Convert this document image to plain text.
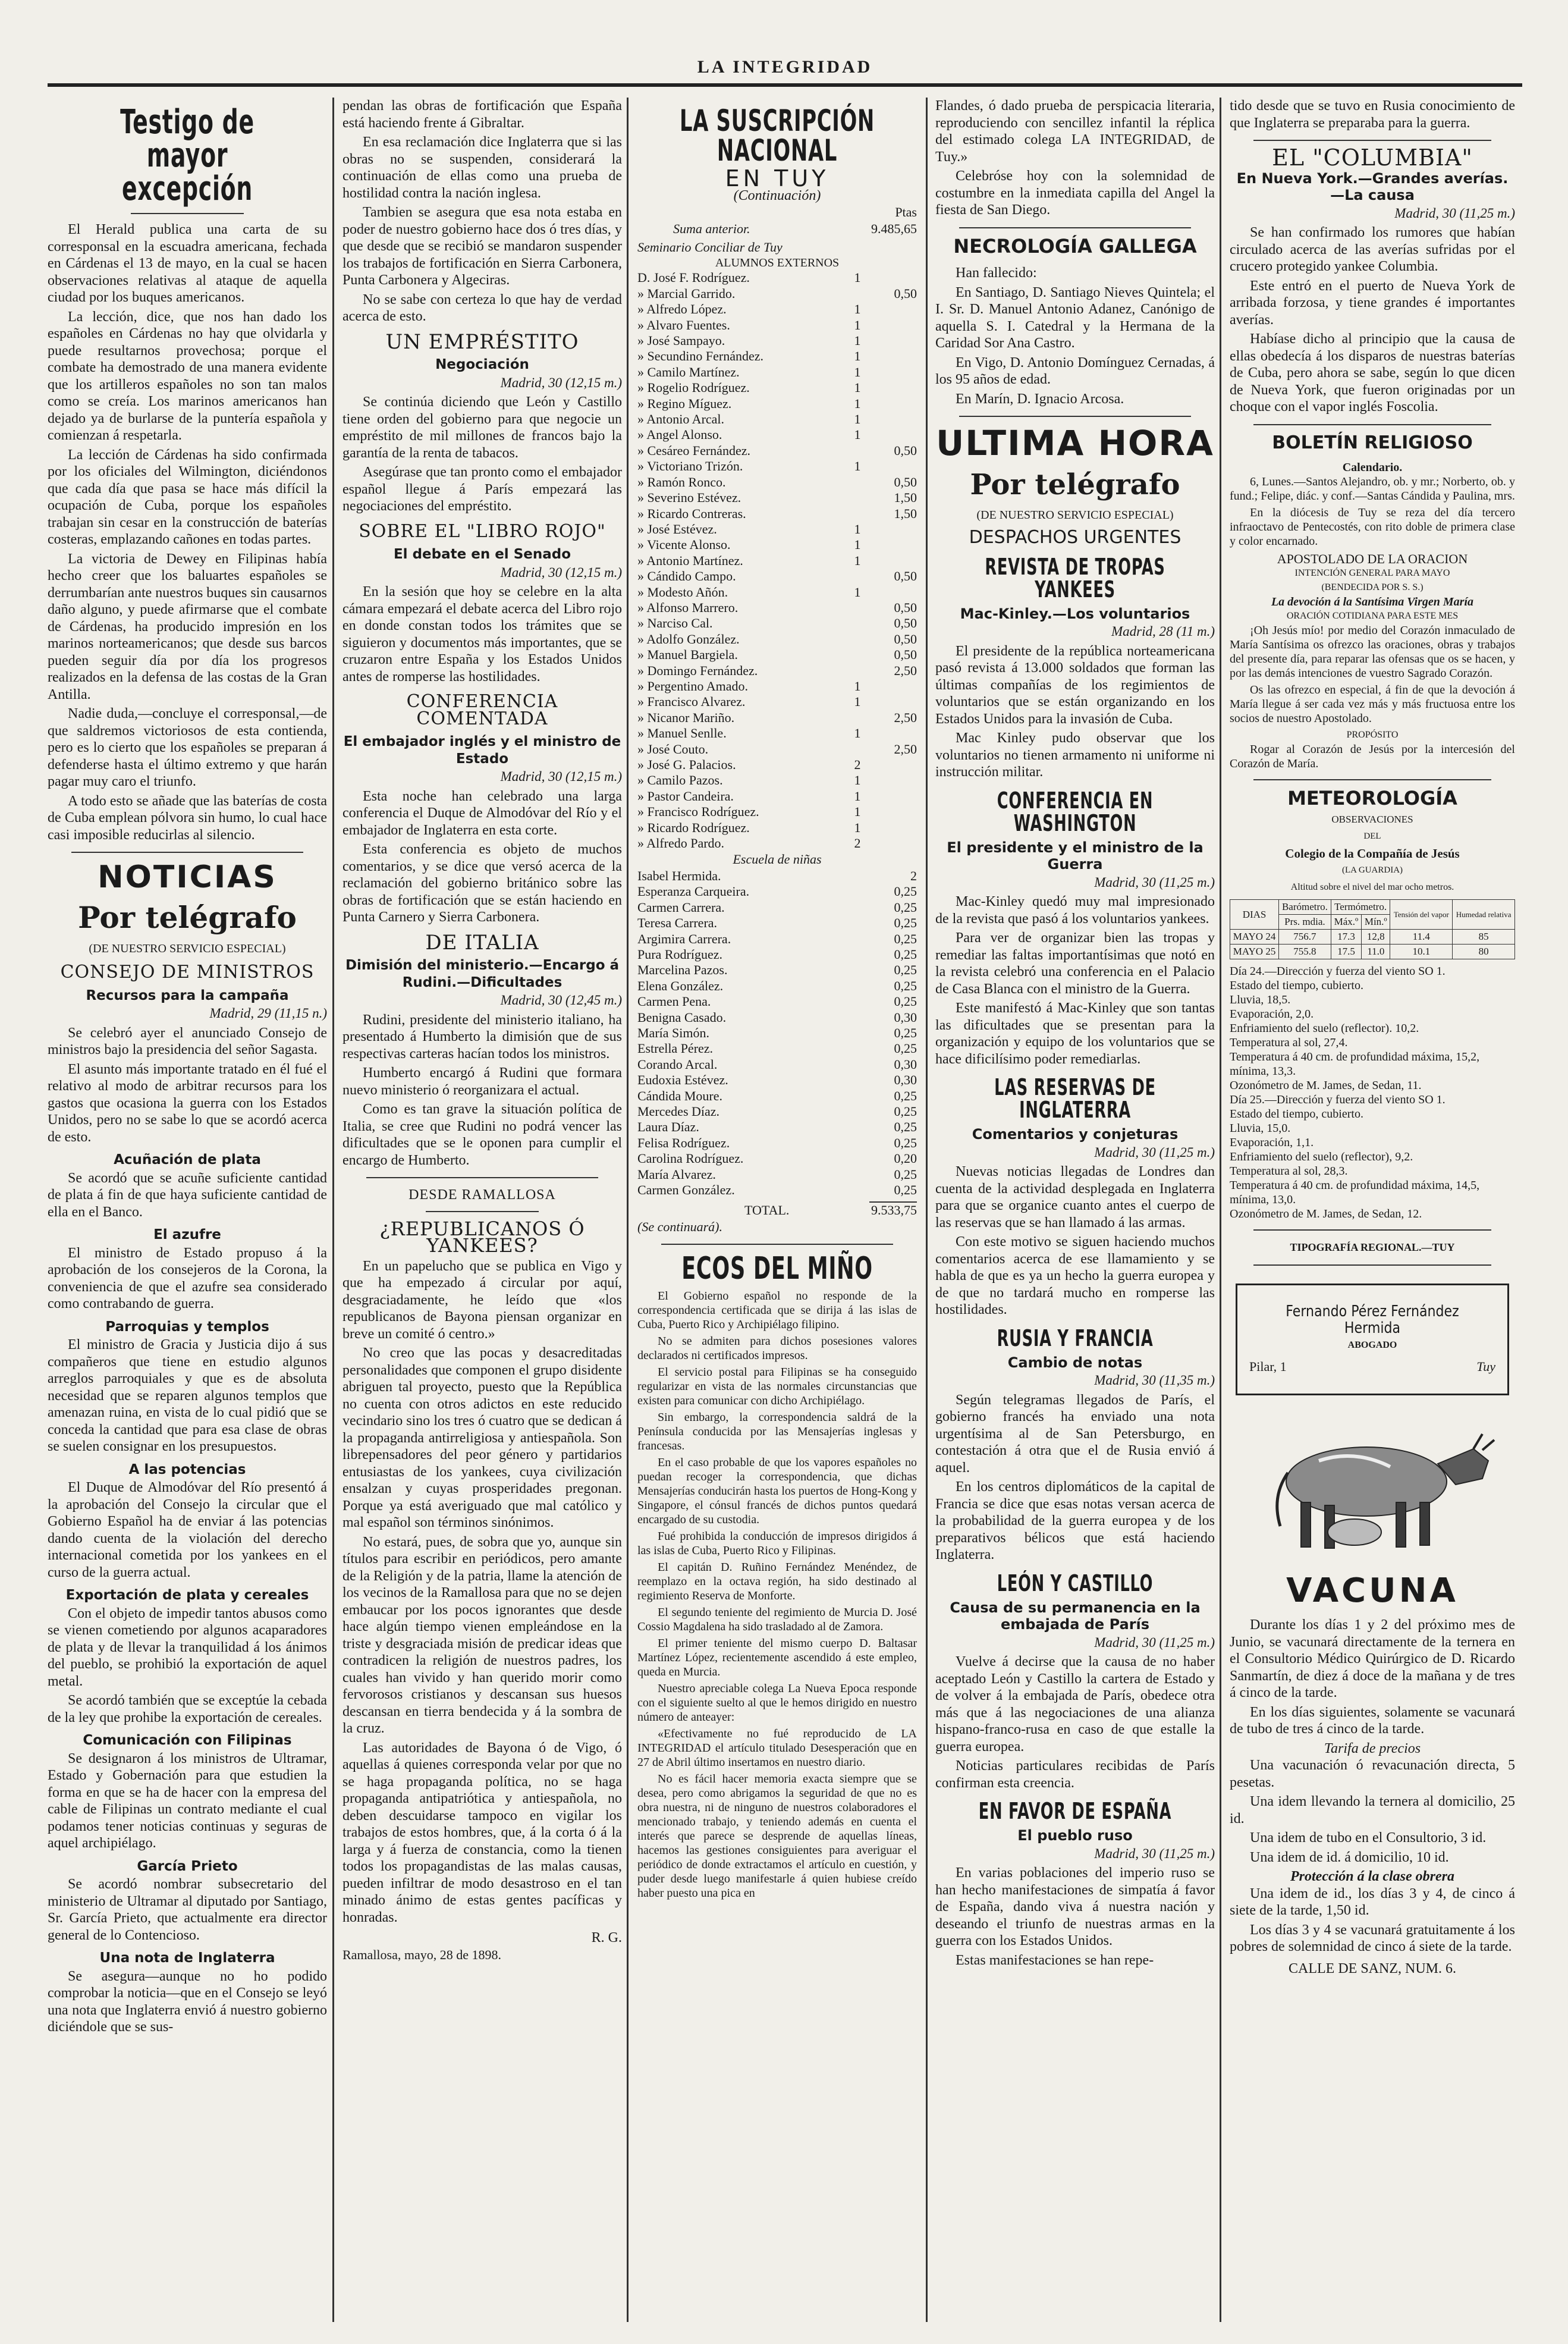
LA INTEGRIDAD
Testigo de mayor excepción

El Herald publica una carta de su corresponsal en la escuadra americana, fechada en Cárdenas el 13 de mayo, en la cual se hacen observaciones relativas al ataque de aquella ciudad por los buques americanos.

La lección, dice, que nos han dado los españoles en Cárdenas no hay que olvidarla y puede resultarnos provechosa; porque el combate ha demostrado de una manera evidente que los artilleros españoles no son tan malos como se creía. Los marinos americanos han dejado ya de burlarse de la puntería española y comienzan á respetarla.

La lección de Cárdenas ha sido confirmada por los oficiales del Wilmington, diciéndonos que cada día que pasa se hace más difícil la ocupación de Cuba, porque los españoles trabajan sin cesar en la construcción de baterías costeras, emplazando cañones en todas partes.

La victoria de Dewey en Filipinas había hecho creer que los baluartes españoles se derrumbarían ante nuestros buques sin causarnos daño alguno, y puede afirmarse que el combate de Cárdenas, ha producido impresión en los marinos norteamericanos; que desde sus barcos pueden seguir día por día los progresos realizados en la defensa de las costas de la Gran Antilla.

Nadie duda,—concluye el corresponsal,—de que saldremos victoriosos de esta contienda, pero es lo cierto que los españoles se preparan á defenderse hasta el último extremo y que harán pagar muy caro el triunfo.

A todo esto se añade que las baterías de costa de Cuba emplean pólvora sin humo, lo cual hace casi imposible reducirlas al silencio.

NOTICIAS
Por telégrafo
(DE NUESTRO SERVICIO ESPECIAL)
CONSEJO DE MINISTROS
Recursos para la campaña
Madrid, 29 (11,15 n.)

Se celebró ayer el anunciado Consejo de ministros bajo la presidencia del señor Sagasta.

El asunto más importante tratado en él fué el relativo al modo de arbitrar recursos para los gastos que ocasiona la guerra con los Estados Unidos, pero no se sabe lo que se acordó acerca de esto.

Acuñación de plata

Se acordó que se acuñe suficiente cantidad de plata á fin de que haya suficiente cantidad de ella en el Banco.

El azufre

El ministro de Estado propuso á la aprobación de los consejeros de la Corona, la conveniencia de que el azufre sea considerado como contrabando de guerra.

Parroquias y templos

El ministro de Gracia y Justicia dijo á sus compañeros que tiene en estudio algunos arreglos parroquiales y que es de absoluta necesidad que se reparen algunos templos que amenazan ruina, en vista de lo cual pidió que se conceda la cantidad que para esa clase de obras se suelen consignar en los presupuestos.

A las potencias

El Duque de Almodóvar del Río presentó á la aprobación del Consejo la circular que el Gobierno Español ha de enviar á las potencias dando cuenta de la violación del derecho internacional cometida por los yankees en el curso de la guerra actual.

Exportación de plata y cereales

Con el objeto de impedir tantos abusos como se vienen cometiendo por algunos acaparadores de plata y de llevar la tranquilidad á los ánimos del pueblo, se prohibió la exportación de aquel metal.

Se acordó también que se exceptúe la cebada de la ley que prohibe la exportación de cereales.

Comunicación con Filipinas

Se designaron á los ministros de Ultramar, Estado y Gobernación para que estudien la forma en que se ha de hacer con la empresa del cable de Filipinas un contrato mediante el cual podamos tener noticias continuas y seguras de aquel archipiélago.

García Prieto

Se acordó nombrar subsecretario del ministerio de Ultramar al diputado por Santiago, Sr. García Prieto, que actualmente era director general de lo Contencioso.

Una nota de Inglaterra

Se asegura—aunque no ho podido comprobar la noticia—que en el Consejo se leyó una nota que Inglaterra envió á nuestro gobierno diciéndole que se sus-

pendan las obras de fortificación que España está haciendo frente á Gibraltar.

En esa reclamación dice Inglaterra que si las obras no se suspenden, considerará la continuación de ellas como una prueba de hostilidad contra la nación inglesa.

Tambien se asegura que esa nota estaba en poder de nuestro gobierno hace dos ó tres días, y que desde que se recibió se mandaron suspender los trabajos de fortificación en Sierra Carbonera, Punta Carbonera y Algeciras.

No se sabe con certeza lo que hay de verdad acerca de esto.

UN EMPRÉSTITO
Negociación
Madrid, 30 (12,15 m.)

Se continúa diciendo que León y Castillo tiene orden del gobierno para que negocie un empréstito de mil millones de francos bajo la garantía de la renta de tabacos.

Asegúrase que tan pronto como el embajador español llegue á París empezará las negociaciones del empréstito.

SOBRE EL "LIBRO ROJO"
El debate en el Senado
Madrid, 30 (12,15 m.)

En la sesión que hoy se celebre en la alta cámara empezará el debate acerca del Libro rojo en donde constan todos los trámites que se siguieron y documentos más importantes, que se cruzaron entre España y los Estados Unidos antes de romperse las hostilidades.

CONFERENCIA COMENTADA
El embajador inglés y el ministro de Estado
Madrid, 30 (12,15 m.)

Esta noche han celebrado una larga conferencia el Duque de Almodóvar del Río y el embajador de Inglaterra en esta corte.

Esta conferencia es objeto de muchos comentarios, y se dice que versó acerca de la reclamación del gobierno británico sobre las obras de fortificación que se están haciendo en Punta Carnero y Sierra Carbonera.

DE ITALIA
Dimisión del ministerio.—Encargo á Rudini.—Dificultades
Madrid, 30 (12,45 m.)

Rudini, presidente del ministerio italiano, ha presentado á Humberto la dimisión que de sus respectivas carteras hacían todos los ministros.

Humberto encargó á Rudini que formara nuevo ministerio ó reorganizara el actual.

Como es tan grave la situación política de Italia, se cree que Rudini no podrá vencer las dificultades que se le oponen para cumplir el encargo de Humberto.

DESDE RAMALLOSA
¿REPUBLICANOS Ó YANKEES?

En un papelucho que se publica en Vigo y que ha empezado á circular por aquí, desgraciadamente, he leído que «los republicanos de Bayona piensan organizar en breve un comité ó centro.»

No creo que las pocas y desacreditadas personalidades que componen el grupo disidente abriguen tal proyecto, puesto que la República no cuenta con otros adictos en este reducido vecindario sino los tres ó cuatro que se dedican á la propaganda antirreligiosa y antiespañola. Son librepensadores del peor género y partidarios entusiastas de los yankees, cuya civilización ensalzan y cuyas prosperidades pregonan. Porque ya está averiguado que mal católico y mal español son términos sinónimos.

No estará, pues, de sobra que yo, aunque sin títulos para escribir en periódicos, pero amante de la Religión y de la patria, llame la atención de los vecinos de la Ramallosa para que no se dejen embaucar por los pocos ignorantes que desde hace algún tiempo vienen empleándose en la triste y desgraciada misión de predicar ideas que contradicen la religión de nuestros padres, los cuales han vivido y han querido morir como fervorosos cristianos y descansan sus huesos descansan en tierra bendecida y á la sombra de la cruz.

Las autoridades de Bayona ó de Vigo, ó aquellas á quienes corresponda velar por que no se haga propaganda política, no se haga propaganda antipatriótica y antiespañola, no deben descuidarse tampoco en vigilar los trabajos de estos hombres, que, á la corta ó á la larga y á fuerza de constancia, como la tienen todos los propagandistas de las malas causas, pueden infiltrar de modo desastroso en el tan minado ánimo de estas gentes pacíficas y honradas.

R. G.
Ramallosa, mayo, 28 de 1898.
LA SUSCRIPCIÓN NACIONAL
EN TUY
(Continuación)
Ptas
Suma anterior.		9.485,65
Seminario Conciliar de Tuy
ALUMNOS EXTERNOS
D. José F. Rodríguez.	1	
» Marcial Garrido.		0,50
» Alfredo López.	1	
» Alvaro Fuentes.	1	
» José Sampayo.	1	
» Secundino Fernández.	1	
» Camilo Martínez.	1	
» Rogelio Rodríguez.	1	
» Regino Míguez.	1	
» Antonio Arcal.	1	
» Angel Alonso.	1	
» Cesáreo Fernández.		0,50
» Victoriano Trizón.	1	
» Ramón Ronco.		0,50
» Severino Estévez.		1,50
» Ricardo Contreras.		1,50
» José Estévez.	1	
» Vicente Alonso.	1	
» Antonio Martínez.	1	
» Cándido Campo.		0,50
» Modesto Añón.	1	
» Alfonso Marrero.		0,50
» Narciso Cal.		0,50
» Adolfo González.		0,50
» Manuel Bargiela.		0,50
» Domingo Fernández.		2,50
» Pergentino Amado.	1	
» Francisco Alvarez.	1	
» Nicanor Mariño.		2,50
» Manuel Senlle.	1	
» José Couto.		2,50
» José G. Palacios.	2	
» Camilo Pazos.	1	
» Pastor Candeira.	1	
» Francisco Rodríguez.	1	
» Ricardo Rodríguez.	1	
» Alfredo Pardo.	2	
Escuela de niñas
Isabel Hermida.	2
Esperanza Carqueira.	0,25
Carmen Carrera.	0,25
Teresa Carrera.	0,25
Argimira Carrera.	0,25
Pura Rodríguez.	0,25
Marcelina Pazos.	0,25
Elena González.	0,25
Carmen Pena.	0,25
Benigna Casado.	0,30
María Simón.	0,25
Estrella Pérez.	0,25
Corando Arcal.	0,30
Eudoxia Estévez.	0,30
Cándida Moure.	0,25
Mercedes Díaz.	0,25
Laura Díaz.	0,25
Felisa Rodríguez.	0,25
Carolina Rodríguez.	0,20
María Alvarez.	0,25
Carmen González.	0,25
TOTAL.	9.533,75
(Se continuará).
ECOS DEL MIÑO

El Gobierno español no responde de la correspondencia certificada que se dirija á las islas de Cuba, Puerto Rico y Archipiélago filipino.

No se admiten para dichos posesiones valores declarados ni certificados impresos.

El servicio postal para Filipinas se ha conseguido regularizar en vista de las normales circunstancias que existen para comunicar con dicho Archipiélago.

Sin embargo, la correspondencia saldrá de la Península conducida por las Mensajerías inglesas y francesas.

En el caso probable de que los vapores españoles no puedan recoger la correspondencia, que dichas Mensajerías conducirán hasta los puertos de Hong-Kong y Singapore, el cónsul francés de dichos puntos quedará encargado de su custodia.

Fué prohibida la conducción de impresos dirigidos á las islas de Cuba, Puerto Rico y Filipinas.

El capitán D. Ruñino Fernández Menéndez, de reemplazo en la octava región, ha sido destinado al regimiento Reserva de Monforte.

El segundo teniente del regimiento de Murcia D. José Cossio Magdalena ha sido trasladado al de Zamora.

El primer teniente del mismo cuerpo D. Baltasar Martínez López, recientemente ascendido á este empleo, queda en Murcia.

Nuestro apreciable colega La Nueva Epoca responde con el siguiente suelto al que le hemos dirigido en nuestro número de anteayer:

«Efectivamente no fué reproducido de LA INTEGRIDAD el artículo titulado Desesperación que en 27 de Abril último insertamos en nuestro diario.

No es fácil hacer memoria exacta siempre que se desea, pero como abrigamos la seguridad de que no es obra nuestra, ni de ninguno de nuestros colaboradores el mencionado trabajo, y teniendo además en cuenta el interés que parece se desprende de aquellas líneas, hacemos las gestiones consiguientes para averiguar el periódico de donde extractamos el artículo en cuestión, y puder desde luego manifestarle á quien hubiese creído haber puesto una pica en

Flandes, ó dado prueba de perspicacia literaria, reproduciendo con sencillez infantil la réplica del estimado colega LA INTEGRIDAD, de Tuy.»

Celebróse hoy con la solemnidad de costumbre en la inmediata capilla del Angel la fiesta de San Diego.

NECROLOGÍA GALLEGA

Han fallecido:

En Santiago, D. Santiago Nieves Quintela; el I. Sr. D. Manuel Antonio Adanez, Canónigo de aquella S. I. Catedral y la Hermana de la Caridad Sor Ana Castro.

En Vigo, D. Antonio Domínguez Cernadas, á los 95 años de edad.

En Marín, D. Ignacio Arcosa.

ULTIMA HORA
Por telégrafo
(DE NUESTRO SERVICIO ESPECIAL)
DESPACHOS URGENTES
REVISTA DE TROPAS YANKEES
Mac-Kinley.—Los voluntarios
Madrid, 28 (11 m.)

El presidente de la república norteamericana pasó revista á 13.000 soldados que forman las últimas compañías de los regimientos de voluntarios que se están organizando en los Estados Unidos para la invasión de Cuba.

Mac Kinley pudo observar que los voluntarios no tienen armamento ni uniforme ni instrucción militar.

CONFERENCIA EN WASHINGTON
El presidente y el ministro de la Guerra
Madrid, 30 (11,25 m.)

Mac-Kinley quedó muy mal impresionado de la revista que pasó á los voluntarios yankees.

Para ver de organizar bien las tropas y remediar las faltas importantísimas que notó en la revista celebró una conferencia en el Palacio de Casa Blanca con el ministro de la Guerra.

Este manifestó á Mac-Kinley que son tantas las dificultades que se presentan para la organización y equipo de los voluntarios que se hace dificilísimo poder remediarlas.

LAS RESERVAS DE INGLATERRA
Comentarios y conjeturas
Madrid, 30 (11,25 m.)

Nuevas noticias llegadas de Londres dan cuenta de la actividad desplegada en Inglaterra para que se organice cuanto antes el cuerpo de las reservas que se han llamado á las armas.

Con este motivo se siguen haciendo muchos comentarios acerca de ese llamamiento y se habla de que es ya un hecho la guerra europea y de que no tardará mucho en romperse las hostilidades.

RUSIA Y FRANCIA
Cambio de notas
Madrid, 30 (11,35 m.)

Según telegramas llegados de París, el gobierno francés ha enviado una nota urgentísima al de San Petersburgo, en contestación á otra que el de Rusia envió á aquel.

En los centros diplomáticos de la capital de Francia se dice que esas notas versan acerca de la probabilidad de la guerra europea y de los preparativos bélicos que está haciendo Inglaterra.

LEÓN Y CASTILLO
Causa de su permanencia en la embajada de París
Madrid, 30 (11,25 m.)

Vuelve á decirse que la causa de no haber aceptado León y Castillo la cartera de Estado y de volver á la embajada de París, obedece otra más que á las negociaciones de una alianza hispano-franco-rusa en caso de que estalle la guerra europea.

Noticias particulares recibidas de París confirman esta creencia.

EN FAVOR DE ESPAÑA
El pueblo ruso
Madrid, 30 (11,25 m.)

En varias poblaciones del imperio ruso se han hecho manifestaciones de simpatía á favor de España, dando viva á nuestra nación y deseando el triunfo de nuestras armas en la guerra con los Estados Unidos.

Estas manifestaciones se han repe-

tido desde que se tuvo en Rusia conocimiento de que Inglaterra se preparaba para la guerra.

EL "COLUMBIA"
En Nueva York.—Grandes averías.—La causa
Madrid, 30 (11,25 m.)

Se han confirmado los rumores que habían circulado acerca de las averías sufridas por el crucero protegido yankee Columbia.

Este entró en el puerto de Nueva York de arribada forzosa, y tiene grandes é importantes averías.

Habíase dicho al principio que la causa de ellas obedecía á los disparos de nuestras baterías de Cuba, pero ahora se sabe, según lo que dicen de Nueva York, que fueron originadas por un choque con el vapor inglés Foscolia.

BOLETÍN RELIGIOSO
Calendario.

6, Lunes.—Santos Alejandro, ob. y mr.; Norberto, ob. y fund.; Felipe, diác. y conf.—Santas Cándida y Paulina, mrs.

En la diócesis de Tuy se reza del día tercero infraoctavo de Pentecostés, con rito doble de primera clase y color encarnado.

APOSTOLADO DE LA ORACION
INTENCIÓN GENERAL PARA MAYO
(BENDECIDA POR S. S.)
La devoción á la Santísima Virgen María
ORACIÓN COTIDIANA PARA ESTE MES

¡Oh Jesús mío! por medio del Corazón inmaculado de María Santísima os ofrezco las oraciones, obras y trabajos del presente día, para reparar las ofensas que os se hacen, y por las demás intenciones de vuestro Sagrado Corazón.

Os las ofrezco en especial, á fin de que la devoción á María llegue á ser cada vez más y más fructuosa entre los socios de nuestro Apostolado.

PROPÓSITO

Rogar al Corazón de Jesús por la intercesión del Corazón de María.

METEOROLOGÍA
OBSERVACIONES
DEL
Colegio de la Compañía de Jesús
(LA GUARDIA)
Altitud sobre el nivel del mar ocho metros.
DIAS	Barómetro.	Termómetro.		Tensión del vapor	Humedad relativa
	Prs. mdia.	Máx.º	Mín.º		
MAYO 24	756.7	17.3	12,8	11.4	85
MAYO 25	755.8	17.5	11.0	10.1	80
Día 24.—Dirección y fuerza del viento SO 1.
Estado del tiempo, cubierto.
Lluvia, 18,5.
Evaporación, 2,0.
Enfriamiento del suelo (reflector). 10,2.
Temperatura al sol, 27,4.
Temperatura á 40 cm. de profundidad máxima, 15,2, mínima, 13,3.
Ozonómetro de M. James, de Sedan, 11.
Día 25.—Dirección y fuerza del viento SO 1.
Estado del tiempo, cubierto.
Lluvia, 15,0.
Evaporación, 1,1.
Enfriamiento del suelo (reflector), 9,2.
Temperatura al sol, 28,3.
Temperatura á 40 cm. de profundidad máxima, 14,5, mínima, 13,0.
Ozonómetro de M. James, de Sedan, 12.
TIPOGRAFÍA REGIONAL.—TUY
Fernando Pérez Fernández Hermida
ABOGADO
Pilar, 1	Tuy
VACUNA

Durante los días 1 y 2 del próximo mes de Junio, se vacunará directamente de la ternera en el Consultorio Médico Quirúrgico de D. Ricardo Sanmartín, de diez á doce de la mañana y de tres á cinco de la tarde.

En los días siguientes, solamente se vacunará de tubo de tres á cinco de la tarde.

Tarifa de precios

Una vacunación ó revacunación directa, 5 pesetas.

Una idem llevando la ternera al domicilio, 25 id.

Una idem de tubo en el Consultorio, 3 id.

Una idem de id. á domicilio, 10 id.

Protección á la clase obrera

Una idem de id., los días 3 y 4, de cinco á siete de la tarde, 1,50 id.

Los días 3 y 4 se vacunará gratuitamente á los pobres de solemnidad de cinco á siete de la tarde.

CALLE DE SANZ, NUM. 6.
